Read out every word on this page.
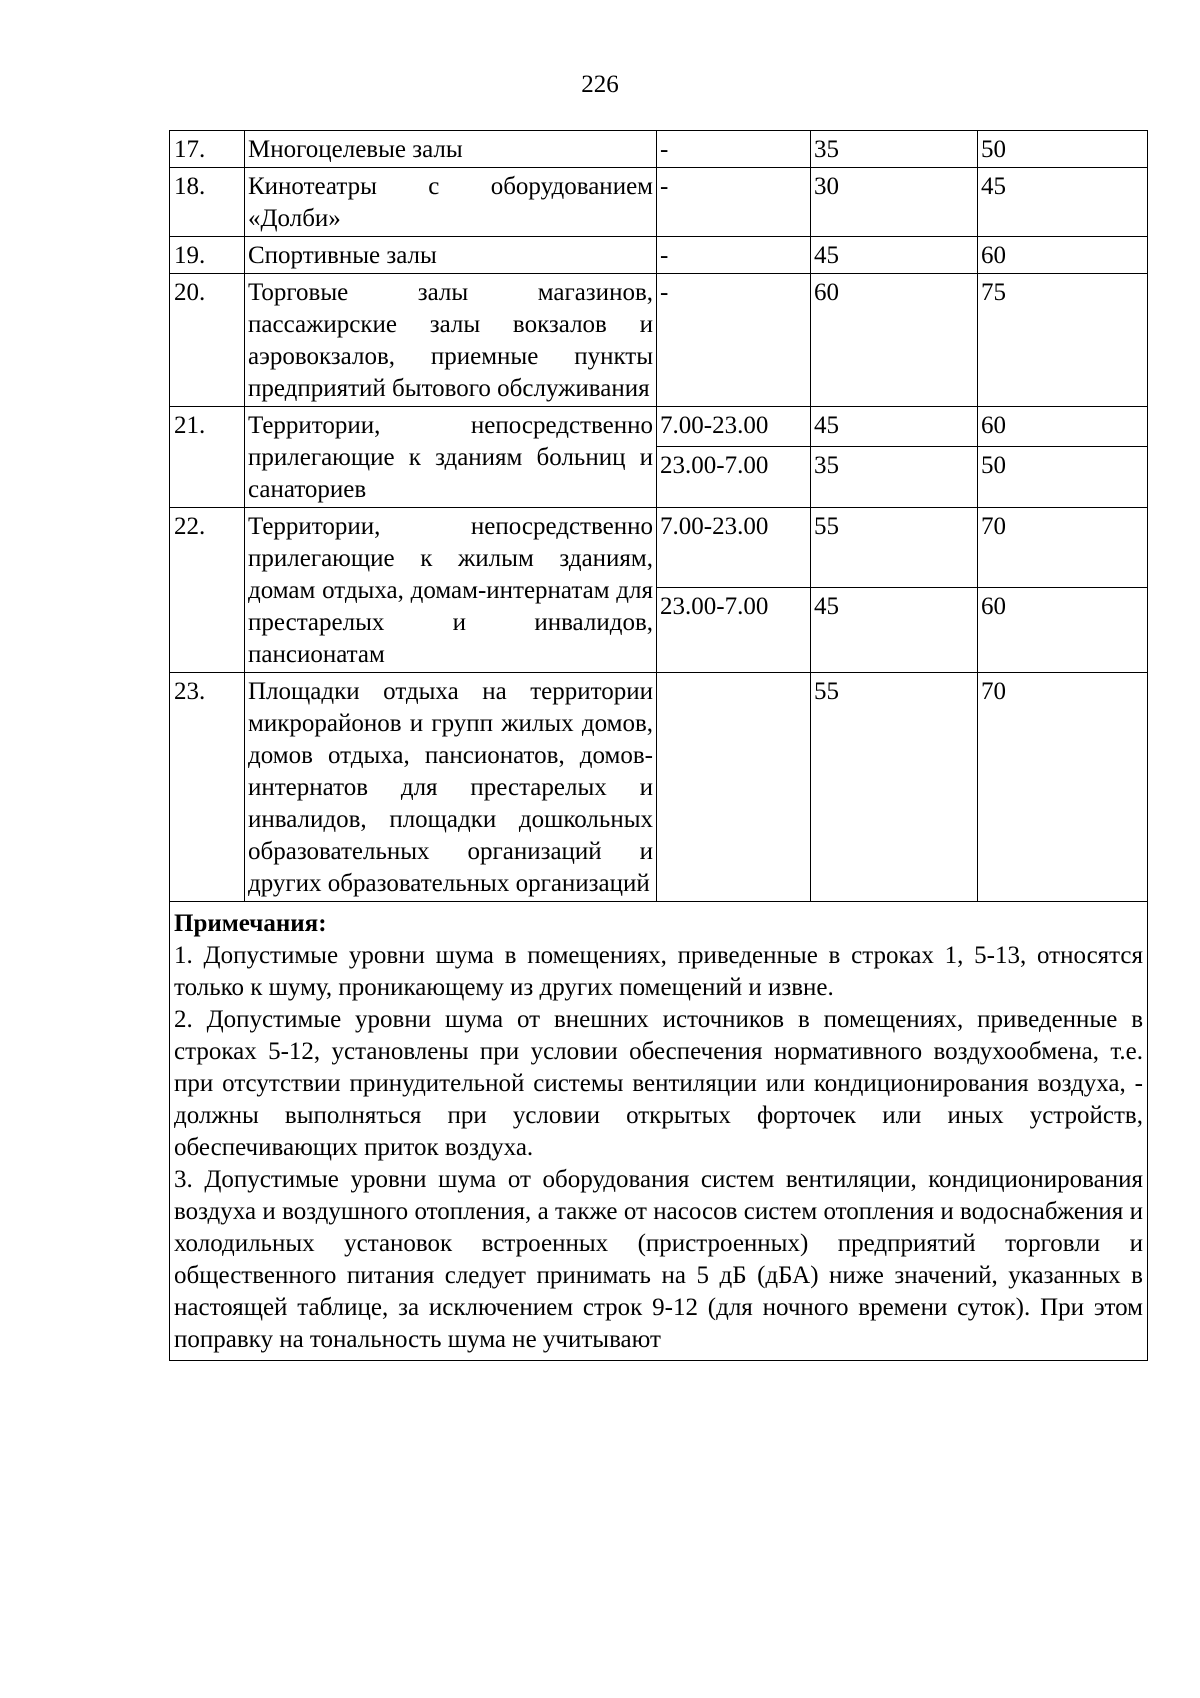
226
17.	Многоцелевые залы	-	35	50
18.	Кинотеатры с оборудованием «Долби»	-	30	45
19.	Спортивные залы	-	45	60
20.	Торговые залы магазинов, пассажирские залы вокзалов и аэровокзалов, приемные пункты предприятий бытового обслуживания	-	60	75
21.	Территории, непосредственно прилегающие к зданиям больниц и санаториев	7.00-23.00	45	60
		23.00-7.00	35	50
22.	Территории, непосредственно прилегающие к жилым зданиям, домам отдыха, домам-интернатам для престарелых и инвалидов, пансионатам	7.00-23.00	55	70
		23.00-7.00	45	60
23.	Площадки отдыха на территории микрорайонов и групп жилых домов, домов отдыха, пансионатов, домов-интернатов для престарелых и инвалидов, площадки дошкольных образовательных организаций и других образовательных организаций		55	70

Примечания:
1. Допустимые уровни шума в помещениях, приведенные в строках 1, 5-13, относятся только к шуму, проникающему из других помещений и извне.
2. Допустимые уровни шума от внешних источников в помещениях, приведенные в строках 5-12, установлены при условии обеспечения нормативного воздухообмена, т.е. при отсутствии принудительной системы вентиляции или кондиционирования воздуха, - должны выполняться при условии открытых форточек или иных устройств, обеспечивающих приток воздуха.
3. Допустимые уровни шума от оборудования систем вентиляции, кондиционирования воздуха и воздушного отопления, а также от насосов систем отопления и водоснабжения и холодильных установок встроенных (пристроенных) предприятий торговли и общественного питания следует принимать на 5 дБ (дБА) ниже значений, указанных в настоящей таблице, за исключением строк 9-12 (для ночного времени суток). При этом поправку на тональность шума не учитывают				
